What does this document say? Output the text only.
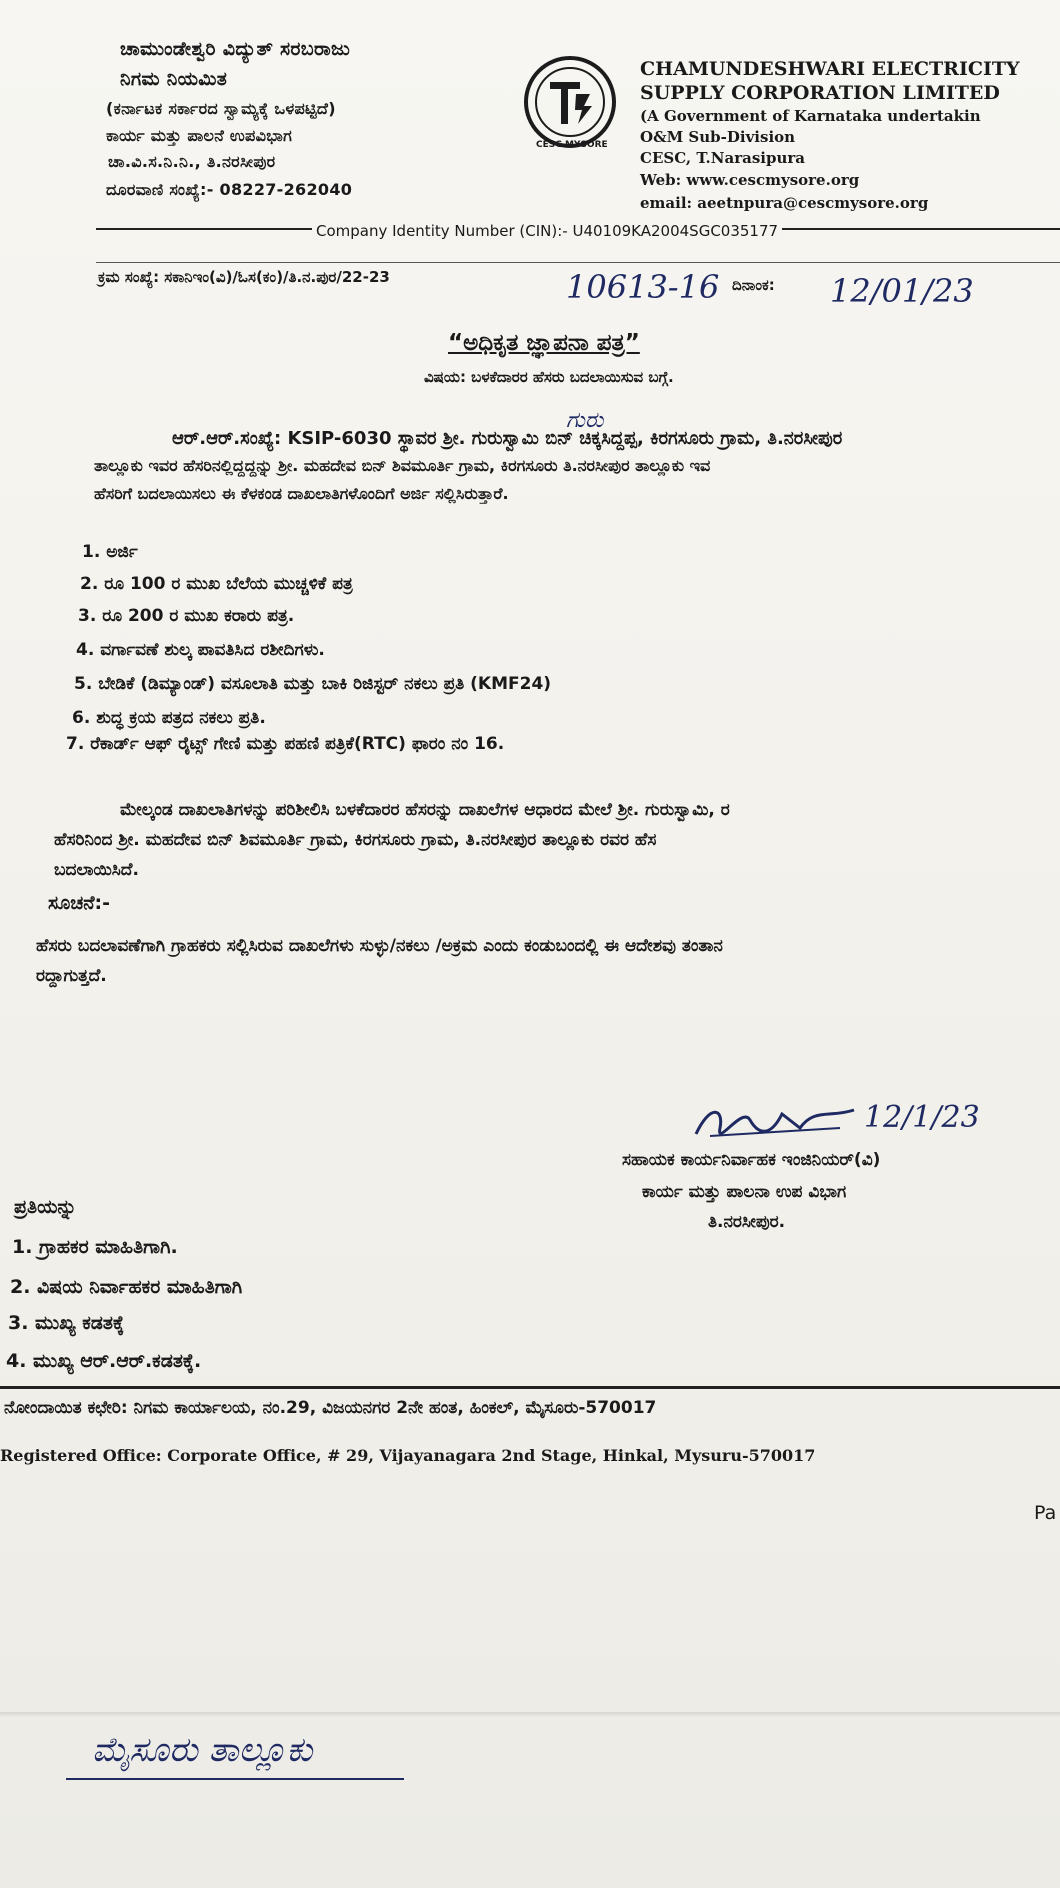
ಚಾಮುಂಡೇಶ್ವರಿ ವಿದ್ಯುತ್ ಸರಬರಾಜು
ನಿಗಮ ನಿಯಮಿತ
(ಕರ್ನಾಟಕ ಸರ್ಕಾರದ ಸ್ವಾಮ್ಯಕ್ಕೆ ಒಳಪಟ್ಟಿದೆ)
ಕಾರ್ಯ ಮತ್ತು ಪಾಲನೆ ಉಪವಿಭಾಗ
ಚಾ.ವಿ.ಸ.ನಿ.ನಿ., ತಿ.ನರಸೀಪುರ
ದೂರವಾಣಿ ಸಂಖ್ಯೆ:- 08227-262040
CESC MYSORE
CHAMUNDESHWARI ELECTRICITY
SUPPLY CORPORATION LIMITED
(A Government of Karnataka undertakin
O&M Sub-Division
CESC, T.Narasipura
Web: www.cescmysore.org
email: aeetnpura@cescmysore.org
Company Identity Number (CIN):- U40109KA2004SGC035177
ಕ್ರಮ ಸಂಖ್ಯೆ: ಸಕಾನಿಇಂ(ವಿ)/ಓಸ(ಕಂ)/ತಿ.ನ.ಪುರ/22-23	10613-16 ದಿನಾಂಕ: 12/01/23
“ಅಧಿಕೃತ ಜ್ಞಾಪನಾ ಪತ್ರ”
ವಿಷಯ: ಬಳಕೆದಾರರ ಹೆಸರು ಬದಲಾಯಿಸುವ ಬಗ್ಗೆ.
ಗುರು
ಆರ್.ಆರ್.ಸಂಖ್ಯೆ: KSIP-6030 ಸ್ಥಾವರ ಶ್ರೀ. ಗುರುಸ್ವಾಮಿ ಬಿನ್ ಚಿಕ್ಕಸಿದ್ದಪ್ಪ, ಕಿರಗಸೂರು ಗ್ರಾಮ, ತಿ.ನರಸೀಪುರ
ತಾಲ್ಲೂಕು ಇವರ ಹೆಸರಿನಲ್ಲಿದ್ದದ್ದನ್ನು ಶ್ರೀ. ಮಹದೇವ ಬಿನ್ ಶಿವಮೂರ್ತಿ ಗ್ರಾಮ, ಕಿರಗಸೂರು ತಿ.ನರಸೀಪುರ ತಾಲ್ಲೂಕು ಇವ
ಹೆಸರಿಗೆ ಬದಲಾಯಿಸಲು ಈ ಕೆಳಕಂಡ ದಾಖಲಾತಿಗಳೊಂದಿಗೆ ಅರ್ಜಿ ಸಲ್ಲಿಸಿರುತ್ತಾರೆ.
1. ಅರ್ಜಿ
2. ರೂ 100 ರ ಮುಖ ಬೆಲೆಯ ಮುಚ್ಚಳಿಕೆ ಪತ್ರ
3. ರೂ 200 ರ ಮುಖ ಕರಾರು ಪತ್ರ.
4. ವರ್ಗಾವಣೆ ಶುಲ್ಕ ಪಾವತಿಸಿದ ರಶೀದಿಗಳು.
5. ಬೇಡಿಕೆ (ಡಿಮ್ಯಾಂಡ್) ವಸೂಲಾತಿ ಮತ್ತು ಬಾಕಿ ರಿಜಿಸ್ಟರ್ ನಕಲು ಪ್ರತಿ (KMF24)
6. ಶುದ್ಧ ಕ್ರಯ ಪತ್ರದ ನಕಲು ಪ್ರತಿ.
7. ರೆಕಾರ್ಡ್ ಆಫ್ ರೈಟ್ಸ್ ಗೇಣಿ ಮತ್ತು ಪಹಣಿ ಪತ್ರಿಕೆ(RTC) ಫಾರಂ ನಂ 16.
ಮೇಲ್ಕಂಡ ದಾಖಲಾತಿಗಳನ್ನು ಪರಿಶೀಲಿಸಿ ಬಳಕೆದಾರರ ಹೆಸರನ್ನು ದಾಖಲೆಗಳ ಆಧಾರದ ಮೇಲೆ ಶ್ರೀ. ಗುರುಸ್ವಾಮಿ, ರ
ಹೆಸರಿನಿಂದ ಶ್ರೀ. ಮಹದೇವ ಬಿನ್ ಶಿವಮೂರ್ತಿ ಗ್ರಾಮ, ಕಿರಗಸೂರು ಗ್ರಾಮ, ತಿ.ನರಸೀಪುರ ತಾಲ್ಲೂಕು ರವರ ಹೆಸ
ಬದಲಾಯಿಸಿದೆ.
ಸೂಚನೆ:-
ಹೆಸರು ಬದಲಾವಣೆಗಾಗಿ ಗ್ರಾಹಕರು ಸಲ್ಲಿಸಿರುವ ದಾಖಲೆಗಳು ಸುಳ್ಳು/ನಕಲು /ಅಕ್ರಮ ಎಂದು ಕಂಡುಬಂದಲ್ಲಿ ಈ ಆದೇಶವು ತಂತಾನ
ರದ್ದಾಗುತ್ತದೆ.
12/1/23
ಸಹಾಯಕ ಕಾರ್ಯನಿರ್ವಾಹಕ ಇಂಜಿನಿಯರ್(ವಿ)
ಕಾರ್ಯ ಮತ್ತು ಪಾಲನಾ ಉಪ ವಿಭಾಗ
ತಿ.ನರಸೀಪುರ.
ಪ್ರತಿಯನ್ನು
1. ಗ್ರಾಹಕರ ಮಾಹಿತಿಗಾಗಿ.
2. ವಿಷಯ ನಿರ್ವಾಹಕರ ಮಾಹಿತಿಗಾಗಿ
3. ಮುಖ್ಯ ಕಡತಕ್ಕೆ
4. ಮುಖ್ಯ ಆರ್.ಆರ್.ಕಡತಕ್ಕೆ.
ನೋಂದಾಯಿತ ಕಛೇರಿ: ನಿಗಮ ಕಾರ್ಯಾಲಯ, ನಂ.29, ವಿಜಯನಗರ 2ನೇ ಹಂತ, ಹಿಂಕಲ್, ಮೈಸೂರು-570017
Registered Office: Corporate Office, # 29, Vijayanagara 2nd Stage, Hinkal, Mysuru-570017
Pa
ಮೈಸೂರು ತಾಲ್ಲೂಕು
